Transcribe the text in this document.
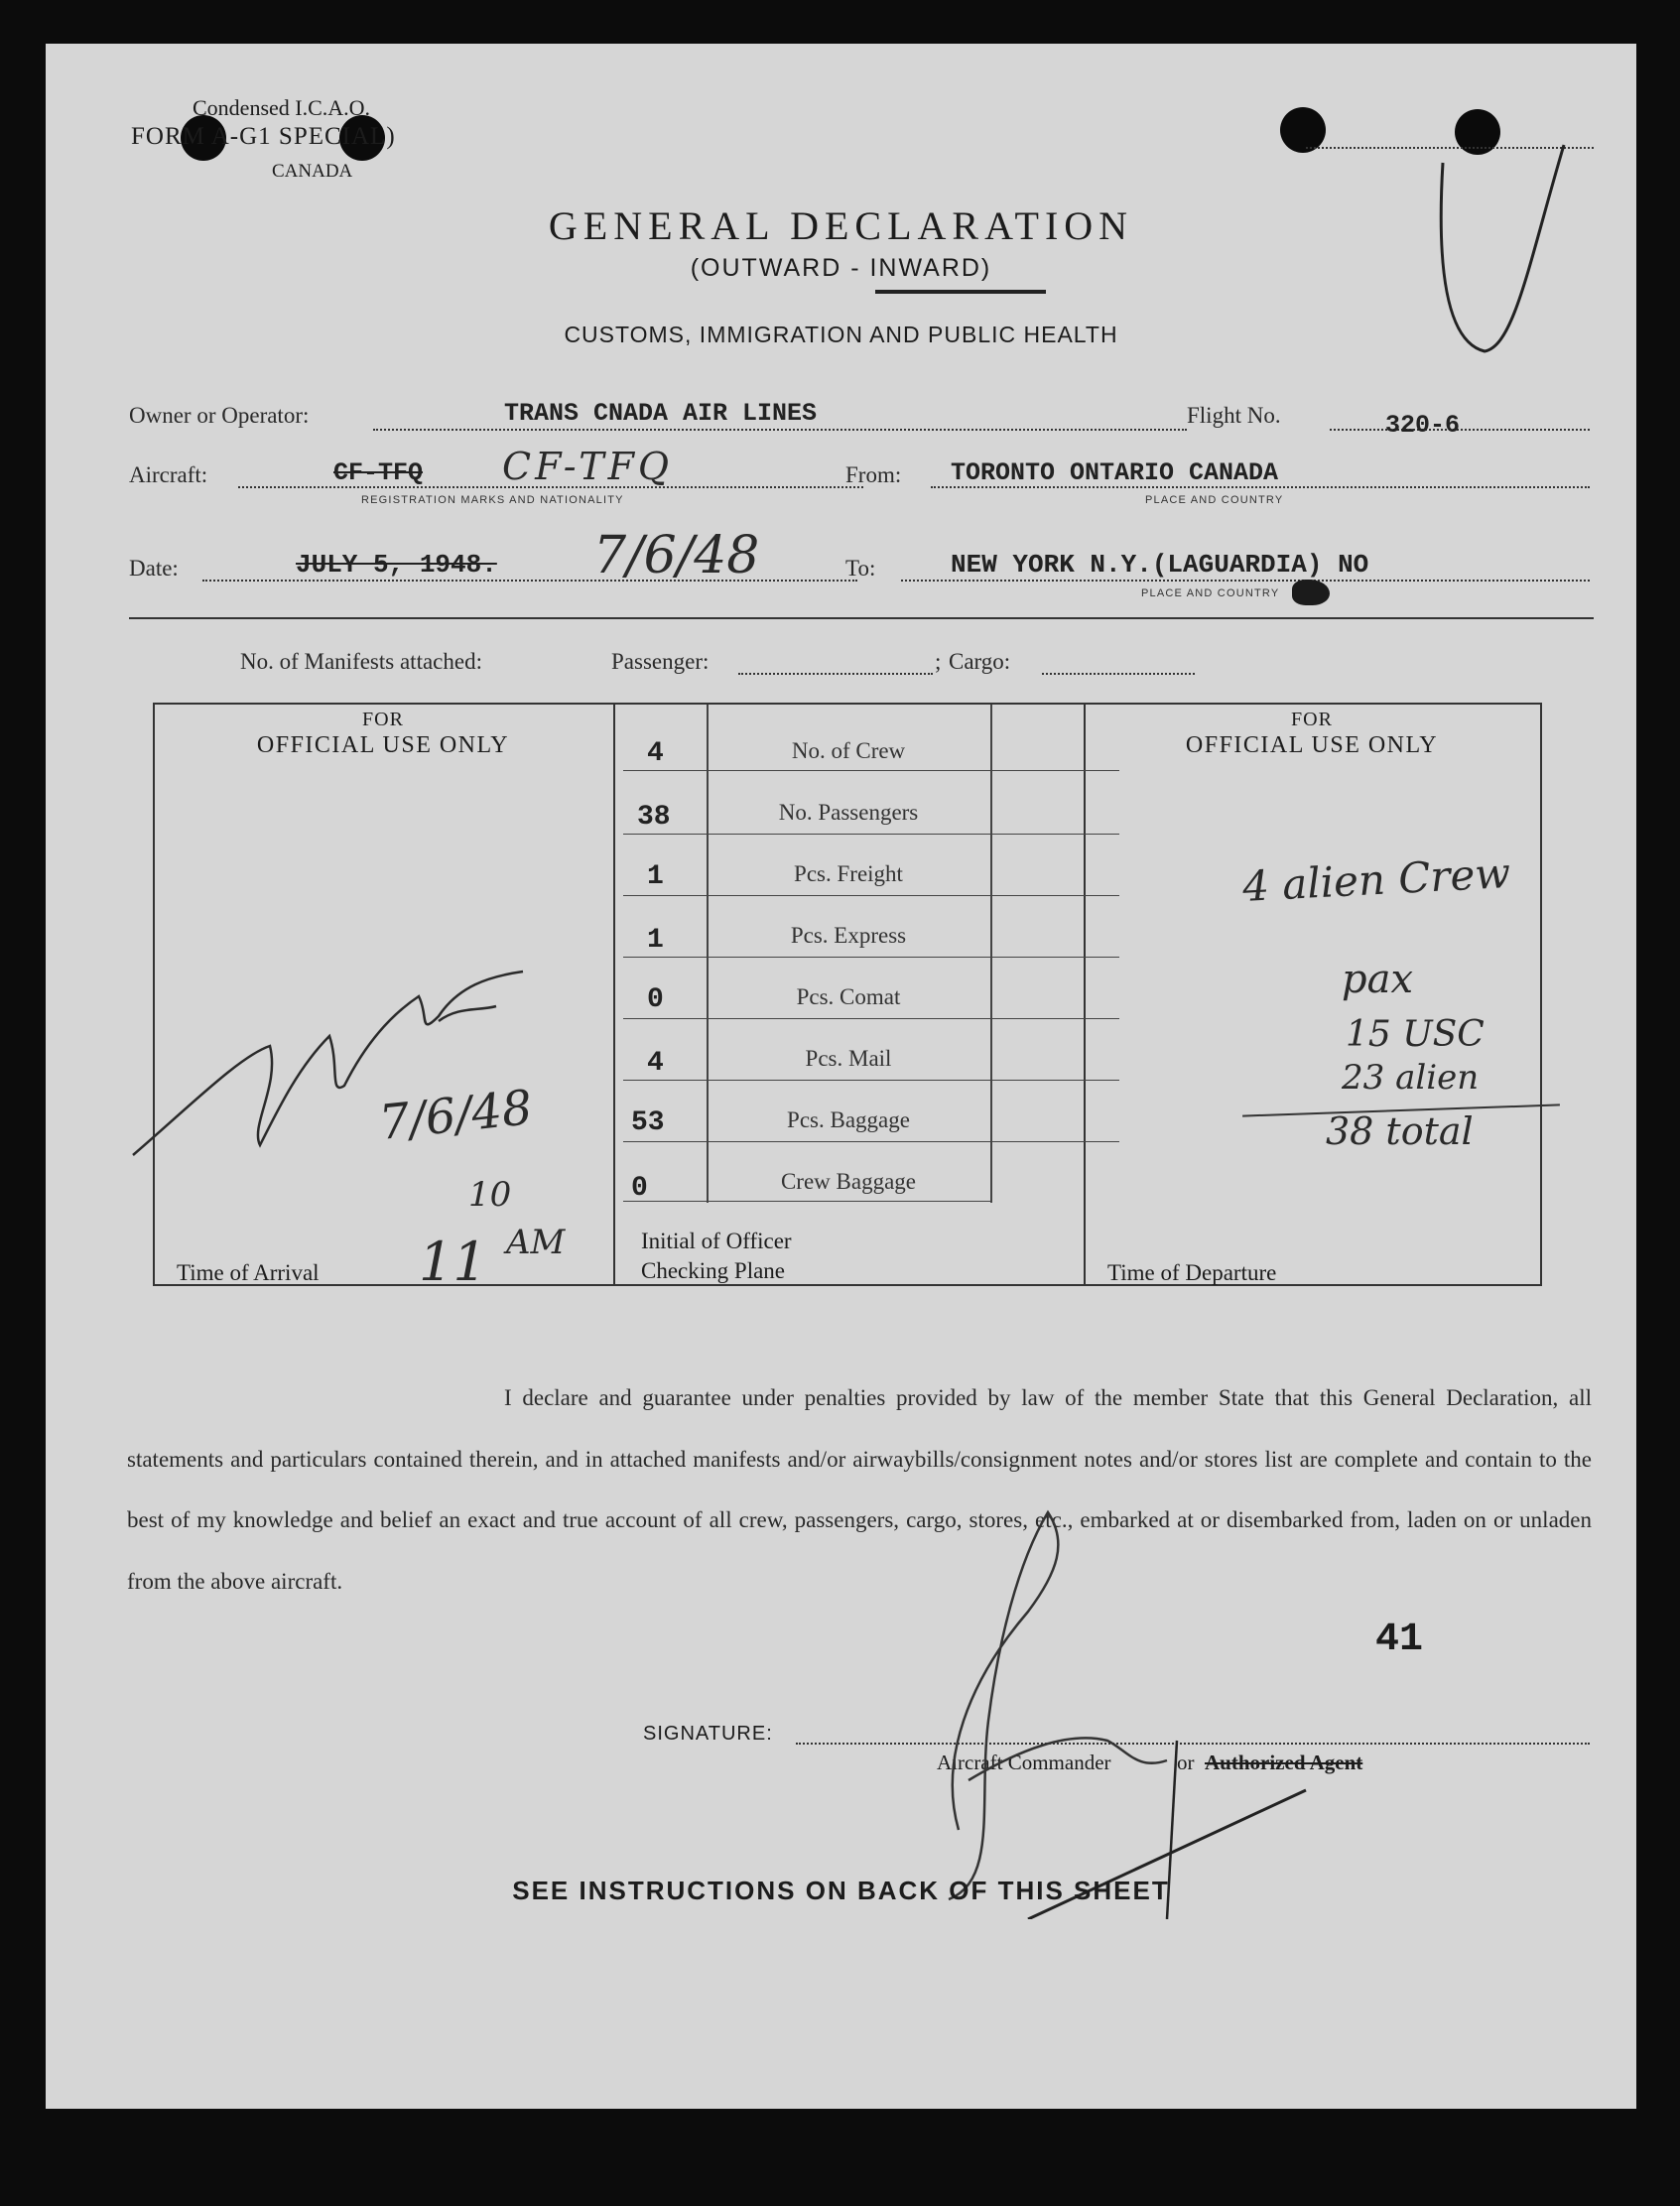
Condensed I.C.A.O.
FORM A-G1 SPECIAL)
CANADA
GENERAL DECLARATION
(OUTWARD - INWARD)
CUSTOMS, IMMIGRATION AND PUBLIC HEALTH
Owner or Operator:	TRANS CNADA AIR LINES	Flight No.	320-6
Aircraft:	CF-TFQ CF-TFQ
REGISTRATION MARKS AND NATIONALITY
From: TORONTO ONTARIO CANADA
PLACE AND COUNTRY
Date:	JULY 5, 1948. 7/6/48	To:	NEW YORK N.Y.(LAGUARDIA) NO
PLACE AND COUNTRY
No. of Manifests attached:	Passenger:	; Cargo:
FOR
OFFICIAL USE ONLY
FOR
OFFICIAL USE ONLY
4	No. of Crew
38	No. Passengers
1	Pcs. Freight
1	Pcs. Express
0	Pcs. Comat
4	Pcs. Mail
53	Pcs. Baggage
0	Crew Baggage
Initial of Officer
Checking Plane
Time of Arrival 11
10
AM
Time of Departure
7/6/48
4 alien Crew
pax
15 USC
23 alien
38 total

I declare and guarantee under penalties provided by law of the member State that this General Declaration, all statements and particulars contained therein, and in attached manifests and/or airwaybills/consignment notes and/or stores list are complete and contain to the best of my knowledge and belief an exact and true account of all crew, passengers, cargo, stores, etc., embarked at or disembarked from, laden on or unladen from the above aircraft.

41
SIGNATURE:
Aircraft Commander	or Authorized Agent
SEE INSTRUCTIONS ON BACK OF THIS SHEET
